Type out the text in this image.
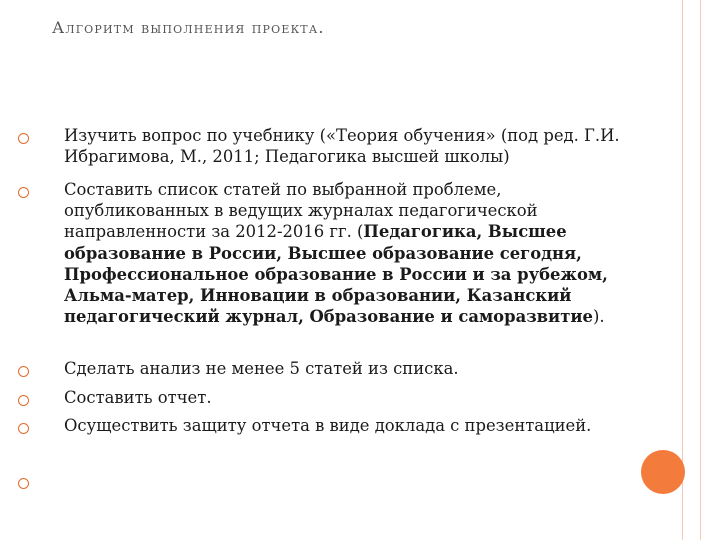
Алгоритм выполнения проекта.
Изучить вопрос по учебнику («Теория обучения» (под ред. Г.И. Ибрагимова, М., 2011; Педагогика высшей школы)
Составить список статей по выбранной проблеме, опубликованных в ведущих журналах педагогической направленности за 2012-2016 гг. (Педагогика, Высшее образование в России, Высшее образование сегодня, Профессиональное образование в России и за рубежом, Альма-матер, Инновации в образовании, Казанский педагогический журнал, Образование и саморазвитие).
Сделать анализ не менее 5 статей из списка.
Составить отчет.
Осуществить защиту отчета в виде доклада с презентацией.
